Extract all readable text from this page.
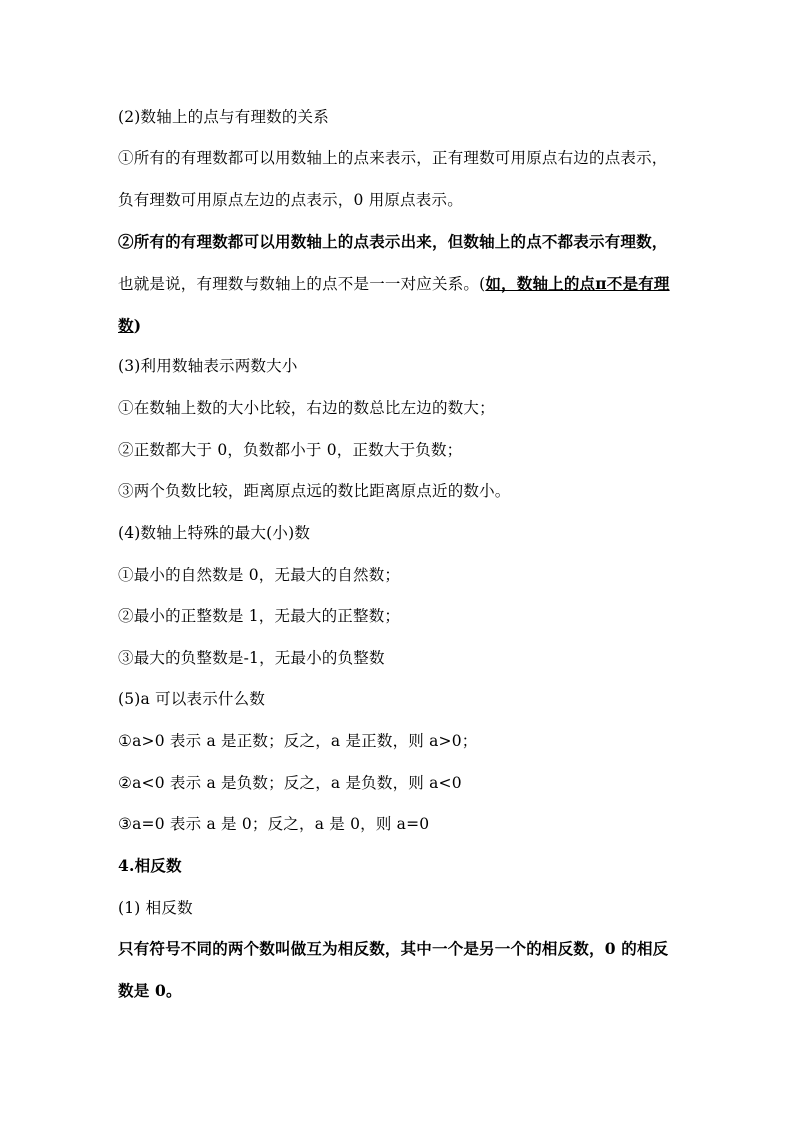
(2)数轴上的点与有理数的关系
①所有的有理数都可以用数轴上的点来表示，正有理数可用原点右边的点表示，
负有理数可用原点左边的点表示，0 用原点表示。
②所有的有理数都可以用数轴上的点表示出来，但数轴上的点不都表示有理数，
也就是说，有理数与数轴上的点不是一一对应关系。(如，数轴上的点π不是有理
数)
(3)利用数轴表示两数大小
①在数轴上数的大小比较，右边的数总比左边的数大；
②正数都大于 0，负数都小于 0，正数大于负数；
③两个负数比较，距离原点远的数比距离原点近的数小。
(4)数轴上特殊的最大(小)数
①最小的自然数是 0，无最大的自然数；
②最小的正整数是 1，无最大的正整数；
③最大的负整数是-1，无最小的负整数
(5)a 可以表示什么数
①a>0 表示 a 是正数；反之，a 是正数，则 a>0；
②a<0 表示 a 是负数；反之，a 是负数，则 a<0
③a=0 表示 a 是 0；反之，a 是 0，则 a=0
4.相反数
(1) 相反数
只有符号不同的两个数叫做互为相反数，其中一个是另一个的相反数，0 的相反
数是 0。
